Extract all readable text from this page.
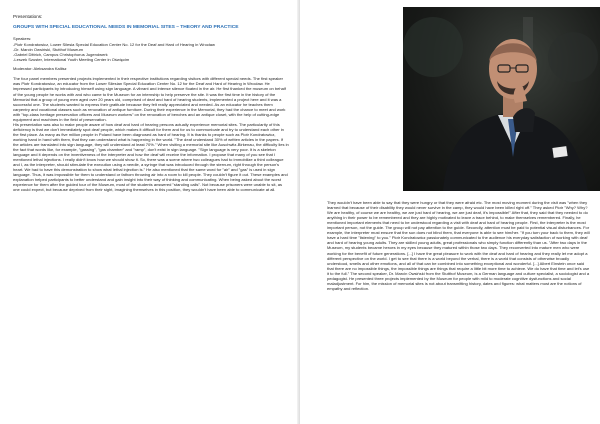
Presentations:

GROUPS WITH SPECIAL EDUCATIONAL NEEDS IN MEMORIAL SITES – THEORY AND PRACTICE

Speakers:

-Piotr Kondratowicz, Lower Silesia Special Education Center No. 12 for the Deaf and Hard of Hearing in Wrocław

-Dr. Marcin Owsiński, Stutthof Museum

-Gabriel Dittrich, Campus Christophorus Jugendwerk

-Leszek Szuster, International Youth Meeting Center in Oświęcim

Moderator: Aleksandra Kaliisz

The four panel members presented projects implemented in their respective institutions regarding visitors with different special needs. The first speaker was Piotr Kondratowicz, an educator from the Lower Silesian Special Education Center No. 12 for the Deaf and Hard of Hearing in Wrocław. He impressed participants by introducing himself using sign language. A vibrant and intense silence floated in the air. He first thanked the museum on behalf of the young people he works with and who came to the Museum for an internship to help preserve the site. It was the first time in the history of the Memorial that a group of young men aged over 20 years old, comprised of deaf and hard of hearing students, implemented a project here and it was a successful one. The students wanted to express their gratitude because they felt really appreciated and needed. As an educator he teaches them carpentry and vocational classes such as renovation of antique furniture. During their experience in the Memorial, they had the chance to meet and work with "top-class heritage preservation officers and Museum workers" on the renovation of benches and an antique closet, with the help of cutting-edge equipment and machines in the field of preservation.

His presentation was also to make people aware of how deaf and hard of hearing persons actually experience memorial sites. The particularity of this deficiency is that we don't immediately spot deaf people, which makes it difficult for them and for us to communicate and try to understand each other in the first place. As many as five million people in Poland have been diagnosed as hard of hearing. It is thanks to people such as Piotr Kondratowicz, working hand in hand with them, that they can understand what is happening in the world. "The deaf understand 30% of written articles in the papers. If the articles are translated into sign language, they will understand at least 70%." When visiting a memorial site like Auschwitz-Birkenau, the difficulty lies in the fact that words like, for example, "gassing", "gas chamber" and "ramp", don't exist in sign language. "Sign language is very poor. It is a skeleton language and it depends on the inventiveness of the interpreter and how the deaf will receive the information. I propose that many of you see that I mentioned lethal injections. I really didn't know how we should show it. So, there was a scene where two colleagues had to immobilize a third colleague and I, as the interpreter, should stimulate the execution using a needle, a syringe that was introduced through the sternum, right through the person's heart. We had to have this demonstration to show what lethal injection is." He also mentioned that the same word for "air" and "gas" is used in sign language. Thus, it was impossible for them to understand or fathom throwing air into a room to kill people. They couldn't figure it out. These examples and explanation helped participants to better understand and gain insight into their way of thinking and communicating. When being asked about the worst experience for them after the guided tour of the Museum, most of the students answered "standing calls". Not because prisoners were unable to sit, as one could expect, but because deprived from their sight, imagining themselves in this position, they wouldn't have been able to communicate at all.

They wouldn't have been able to say that they were hungry or that they were afraid etc. The most moving moment during the visit was "when they learned that because of their disability they would never survive in the camp, they would have been killed right off." They asked Piotr "Why? Why? We are healthy, of course we are healthy, we are just hard of hearing, we are just deaf, it's impossible!" After that, they said that they needed to do anything in their power to be remembered and they are highly motivated to leave a trace behind, to make themselves remembered. Finally, he mentioned important elements that need to be understood regarding a visit with deaf and hard of hearing people. First, the interpreter is the most important person, not the guide. The group will not pay attention to the guide. Secondly, attention must be paid to potential visual disturbances. For example, the interpreter must ensure that the sun does not blind them, that everyone is able to see him/her. "If you turn your back to them, they will have a hard time "listening" to you." Piotr Kondratowicz passionately communicated to the audience his everyday satisfaction of working with deaf and hard of hearing young adults. They are skilled young adults, great professionals who simply function differently than us. "After two days in the Museum, my students became heroes in my eyes because they matured within those two days. They reconverted into mature men who were working for the benefit of future generations. [...] I have the great pleasure to work with the deaf and hard of hearing and they really let me adopt a different perspective on the world. I get to see that there is a world beyond the verbal, there is a world that consists of otherwise broadly understood, smells and other emotions, and all of that can be combined into something exceptional and wonderful. [...] Albert Einstein once said that there are no impossible things, the impossible things are things that require a little bit more time to achieve. We do have that time and let's use it to the full." The second speaker, Dr. Marcin Owsiński from the Stutthof Museum, is a German language and culture specialist, a sociologist and a pedagogist. He presented three projects implemented by the Museum for people with mild to moderate cognitive dysfunctions and social maladjustment. For him, the mission of memorial sites is not about transmitting history, dates and figures: what matters most are the notions of empathy and reflection.
